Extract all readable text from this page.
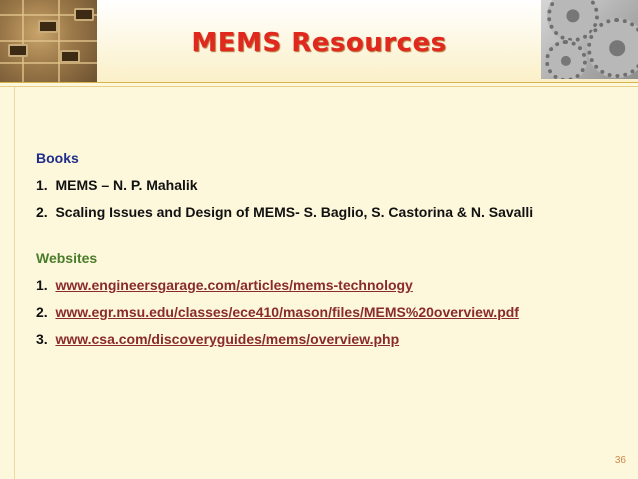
MEMS Resources
Books
1. MEMS – N. P. Mahalik
2. Scaling Issues and Design of MEMS- S. Baglio, S. Castorina & N. Savalli
Websites
1. www.engineersgarage.com/articles/mems-technology
2. www.egr.msu.edu/classes/ece410/mason/files/MEMS%20overview.pdf
3. www.csa.com/discoveryguides/mems/overview.php
36
